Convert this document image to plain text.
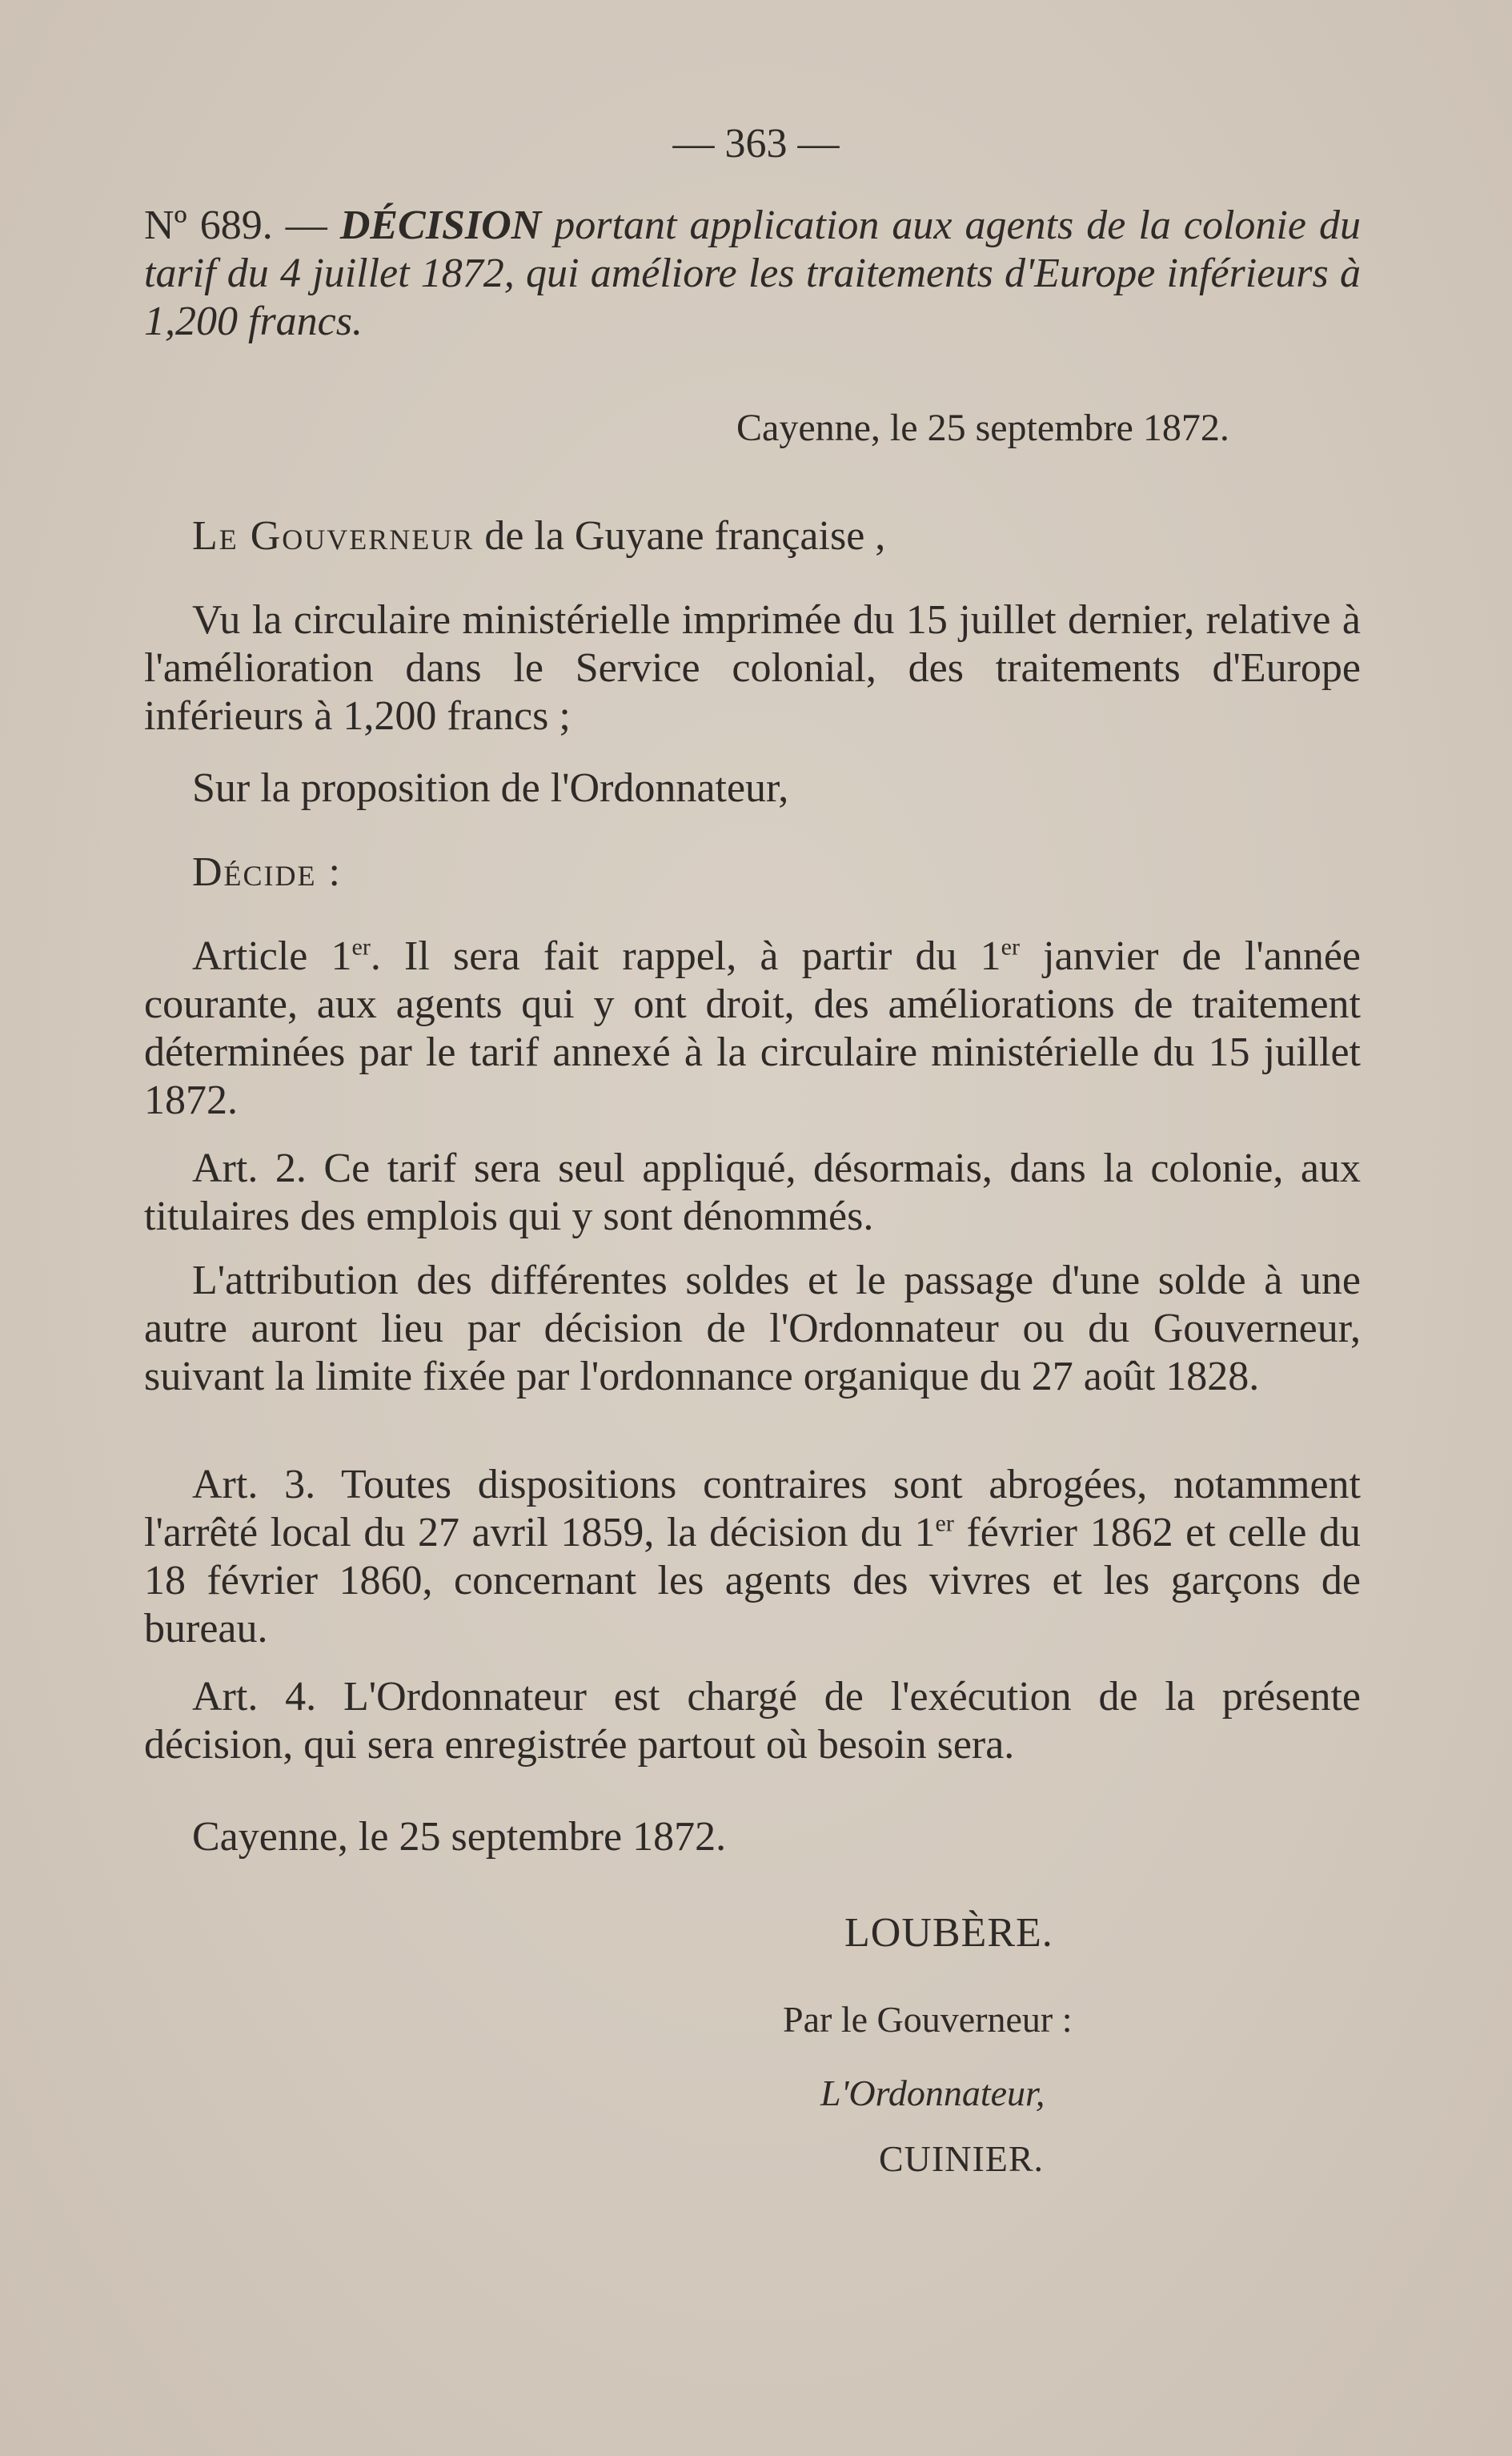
— 363 —
Nº 689. — DÉCISION portant application aux agents de la colonie du tarif du 4 juillet 1872, qui améliore les traitements d'Europe inférieurs à 1,200 francs.
Cayenne, le 25 septembre 1872.
Le Gouverneur de la Guyane française ,

Vu la circulaire ministérielle imprimée du 15 juillet dernier, relative à l'amélioration dans le Service colonial, des traitements d'Europe inférieurs à 1,200 francs ;

Sur la proposition de l'Ordonnateur,

Décide :

Article 1er. Il sera fait rappel, à partir du 1er janvier de l'année courante, aux agents qui y ont droit, des améliorations de traitement déterminées par le tarif annexé à la circulaire ministérielle du 15 juillet 1872.

Art. 2. Ce tarif sera seul appliqué, désormais, dans la colonie, aux titulaires des emplois qui y sont dénommés.

L'attribution des différentes soldes et le passage d'une solde à une autre auront lieu par décision de l'Ordonnateur ou du Gouverneur, suivant la limite fixée par l'ordonnance organique du 27 août 1828.

Art. 3. Toutes dispositions contraires sont abrogées, notamment l'arrêté local du 27 avril 1859, la décision du 1er février 1862 et celle du 18 février 1860, concernant les agents des vivres et les garçons de bureau.

Art. 4. L'Ordonnateur est chargé de l'exécution de la présente décision, qui sera enregistrée partout où besoin sera.

Cayenne, le 25 septembre 1872.

LOUBÈRE.
Par le Gouverneur :
L'Ordonnateur,
CUINIER.
